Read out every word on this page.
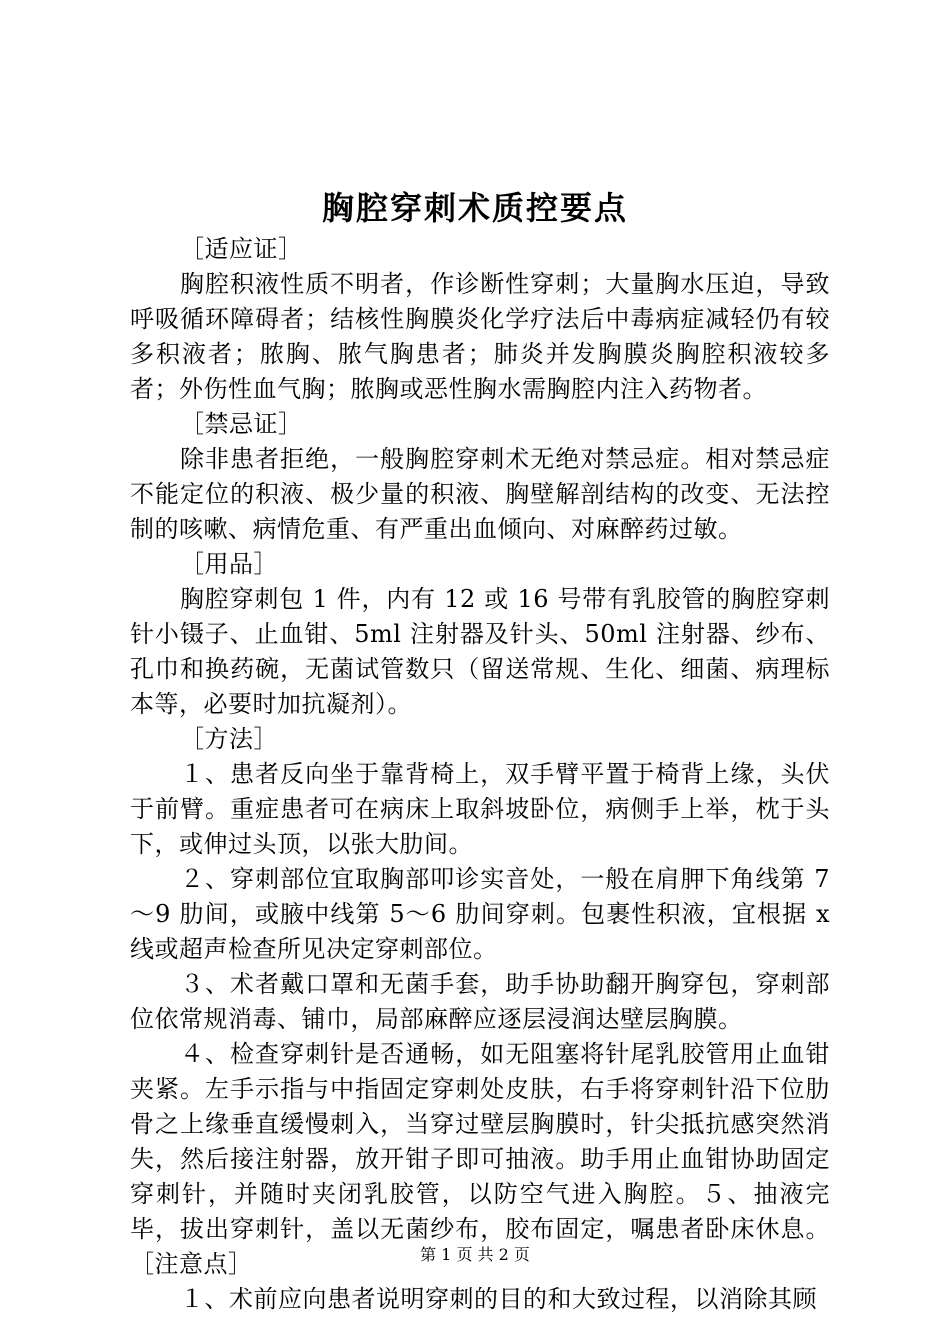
胸腔穿刺术质控要点
［适应证］
胸腔积液性质不明者，作诊断性穿刺；大量胸水压迫，导致呼吸循环障碍者；结核性胸膜炎化学疗法后中毒病症减轻仍有较多积液者；脓胸、脓气胸患者；肺炎并发胸膜炎胸腔积液较多者；外伤性血气胸；脓胸或恶性胸水需胸腔内注入药物者。
［禁忌证］
除非患者拒绝，一般胸腔穿刺术无绝对禁忌症。相对禁忌症不能定位的积液、极少量的积液、胸壁解剖结构的改变、无法控制的咳嗽、病情危重、有严重出血倾向、对麻醉药过敏。
［用品］
胸腔穿刺包 1 件，内有 12 或 16 号带有乳胶管的胸腔穿刺针小镊子、止血钳、5ml 注射器及针头、50ml 注射器、纱布、孔巾和换药碗，无菌试管数只（留送常规、生化、细菌、病理标本等，必要时加抗凝剂）。
［方法］
１、患者反向坐于靠背椅上，双手臂平置于椅背上缘，头伏于前臂。重症患者可在病床上取斜坡卧位，病侧手上举，枕于头下，或伸过头顶，以张大肋间。
２、穿刺部位宜取胸部叩诊实音处，一般在肩胛下角线第 7～9 肋间，或腋中线第 5～6 肋间穿刺。包裹性积液，宜根据 x 线或超声检查所见决定穿刺部位。
３、术者戴口罩和无菌手套，助手协助翻开胸穿包，穿刺部位依常规消毒、铺巾，局部麻醉应逐层浸润达壁层胸膜。
４、检查穿刺针是否通畅，如无阻塞将针尾乳胶管用止血钳夹紧。左手示指与中指固定穿刺处皮肤，右手将穿刺针沿下位肋骨之上缘垂直缓慢刺入，当穿过壁层胸膜时，针尖抵抗感突然消失，然后接注射器，放开钳子即可抽液。助手用止血钳协助固定穿刺针，并随时夹闭乳胶管，以防空气进入胸腔。５、抽液完毕，拔出穿刺针，盖以无菌纱布，胶布固定，嘱患者卧床休息。［注意点］
１、术前应向患者说明穿刺的目的和大致过程，以消除其顾
第 1 页 共 2 页
